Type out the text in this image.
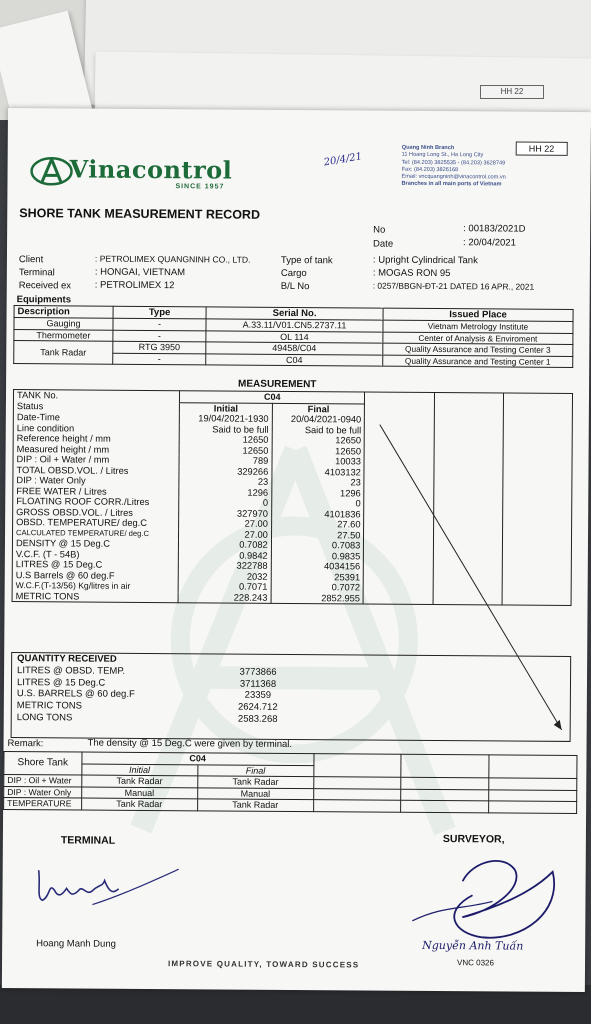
HH 22
Vinacontrol
SINCE 1957
20/4/21
Quang Ninh Branch
11 Hoang Long St., Ha Long City
Tel: (84.203) 3825535 - (84.203) 3628749
Fax: (84.203) 3826168
Email: vncquangninh@vinacontrol.com.vn
Branches in all main ports of Vietnam
HH 22
SHORE TANK MEASUREMENT RECORD
No	: 00183/2021D
Date	: 20/04/2021
Client	: PETROLIMEX QUANGNINH CO., LTD.
Terminal	: HONGAI, VIETNAM
Received ex : PETROLIMEX 12
Type of tank	: Upright Cylindrical Tank
Cargo	: MOGAS RON 95
B/L No	: 0257/BBGN-ĐT-21 DATED 16 APR., 2021
Equipments
Description	Type	Serial No.	Issued Place
Gauging	-	A.33.11/V01.CN5.2737.11	Vietnam Metrology Institute
Thermometer	-	OL 114	Center of Analysis & Enviroment
Tank Radar	RTG 3950	49458/C04	Quality Assurance and Testing Center 3
	-	C04	Quality Assurance and Testing Center 1
MEASUREMENT
TANK No.	C04				
Status	Initial	Final			
Date-Time	19/04/2021-1930	20/04/2021-0940			
Line condition	Said to be full	Said to be full			
Reference height / mm	12650	12650			
Measured height / mm	12650	12650			
DIP : Oil + Water / mm	789	10033			
TOTAL OBSD.VOL. / Litres	329266	4103132			
DIP : Water Only	23	23			
FREE WATER / Litres	1296	1296			
FLOATING ROOF CORR./Litres	0	0			
GROSS OBSD.VOL. / Litres	327970	4101836			
OBSD. TEMPERATURE/ deg.C	27.00	27.60			
CALCULATED TEMPERATURE/ deg.C	27.00	27.50			
DENSITY @ 15 Deg.C	0.7082	0.7083			
V.C.F. (T - 54B)	0.9842	0.9835			
LITRES @ 15 Deg.C	322788	4034156			
U.S Barrels @ 60 deg.F	2032	25391			
W.C.F.(T-13/56) Kg/litres in air	0.7071	0.7072			
METRIC TONS	228.243	2852.955			
QUANTITY RECEIVED	
LITRES @ OBSD. TEMP.	3773866
LITRES @ 15 Deg.C	3711368
U.S. BARRELS @ 60 deg.F	23359
METRIC TONS	2624.712
LONG TONS	2583.268
Remark:	The density @ 15 Deg.C were given by terminal.
Shore Tank	C04				
	Initial	Final			
DIP : Oil + Water	Tank Radar	Tank Radar			
DIP : Water Only	Manual	Manual			
TEMPERATURE	Tank Radar	Tank Radar			
TERMINAL	SURVEYOR,
Hoang Manh Dung	Nguyễn Anh Tuấn
VNC 0326
IMPROVE QUALITY, TOWARD SUCCESS
